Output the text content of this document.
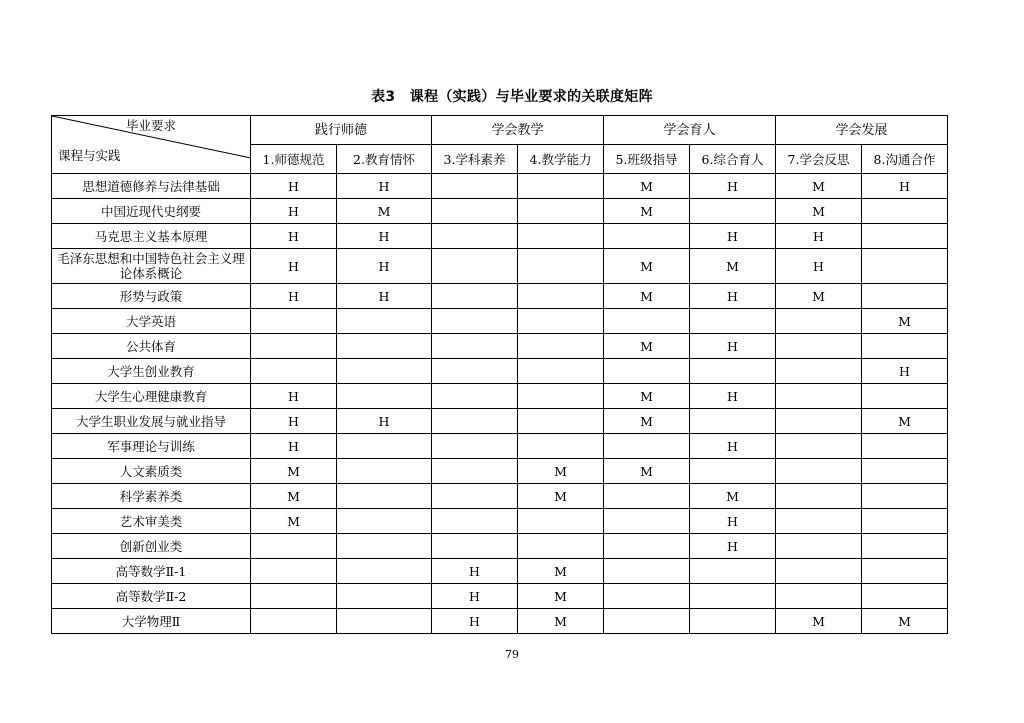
表3　课程（实践）与毕业要求的关联度矩阵
毕业要求
课程与实践	践行师德		学会教学		学会育人		学会发展	
	1.师德规范	2.教育情怀	3.学科素养	4.教学能力	5.班级指导	6.综合育人	7.学会反思	8.沟通合作
思想道德修养与法律基础	H	H			M	H	M	H
中国近现代史纲要	H	M			M		M	
马克思主义基本原理	H	H				H	H	
毛泽东思想和中国特色社会主义理论体系概论	H	H			M	M	H	
形势与政策	H	H			M	H	M	
大学英语								M
公共体育					M	H		
大学生创业教育								H
大学生心理健康教育	H				M	H		
大学生职业发展与就业指导	H	H			M			M
军事理论与训练	H					H		
人文素质类	M			M	M			
科学素养类	M			M		M		
艺术审美类	M					H		
创新创业类						H		
高等数学Ⅱ-1			H	M				
高等数学Ⅱ-2			H	M				
大学物理Ⅱ			H	M			M	M
79
